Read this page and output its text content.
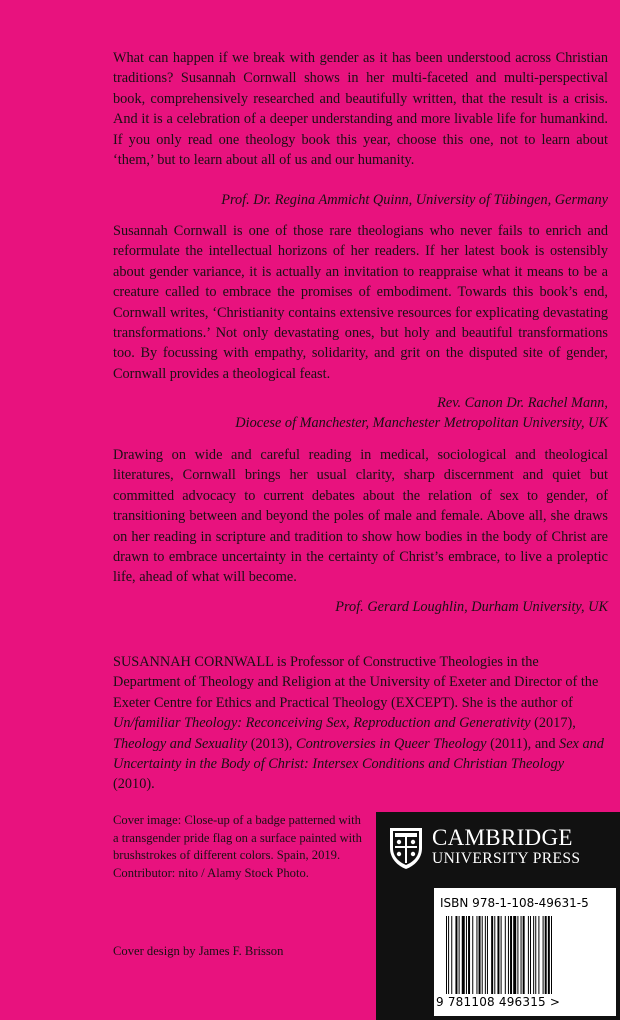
What can happen if we break with gender as it has been understood across Christian traditions? Susannah Cornwall shows in her multi-faceted and multi-perspectival book, comprehensively researched and beautifully written, that the result is a crisis. And it is a celebration of a deeper understanding and more livable life for humankind. If you only read one theology book this year, choose this one, not to learn about ‘them,’ but to learn about all of us and our humanity.

Prof. Dr. Regina Ammicht Quinn, University of Tübingen, Germany

Susannah Cornwall is one of those rare theologians who never fails to enrich and reformulate the intellectual horizons of her readers. If her latest book is ostensibly about gender variance, it is actually an invitation to reappraise what it means to be a creature called to embrace the promises of embodiment. Towards this book’s end, Cornwall writes, ‘Christianity contains extensive resources for explicating devastating transformations.’ Not only devastating ones, but holy and beautiful transformations too. By focussing with empathy, solidarity, and grit on the disputed site of gender, Cornwall provides a theological feast.

Rev. Canon Dr. Rachel Mann,
Diocese of Manchester, Manchester Metropolitan University, UK

Drawing on wide and careful reading in medical, sociological and theological literatures, Cornwall brings her usual clarity, sharp discernment and quiet but committed advocacy to current debates about the relation of sex to gender, of transitioning between and beyond the poles of male and female. Above all, she draws on her reading in scripture and tradition to show how bodies in the body of Christ are drawn to embrace uncertainty in the certainty of Christ’s embrace, to live a proleptic life, ahead of what will become.

Prof. Gerard Loughlin, Durham University, UK

SUSANNAH CORNWALL is Professor of Constructive Theologies in the Department of Theology and Religion at the University of Exeter and Director of the Exeter Centre for Ethics and Practical Theology (EXCEPT). She is the author of Un/familiar Theology: Reconceiving Sex, Reproduction and Generativity (2017), Theology and Sexuality (2013), Controversies in Queer Theology (2011), and Sex and Uncertainty in the Body of Christ: Intersex Conditions and Christian Theology (2010).

Cover image: Close-up of a badge patterned with a transgender pride flag on a surface painted with brushstrokes of different colors. Spain, 2019. Contributor: nito / Alamy Stock Photo.

Cover design by James F. Brisson

CAMBRIDGE
UNIVERSITY PRESS
ISBN 978-1-108-49631-5
9 781108 496315 >
